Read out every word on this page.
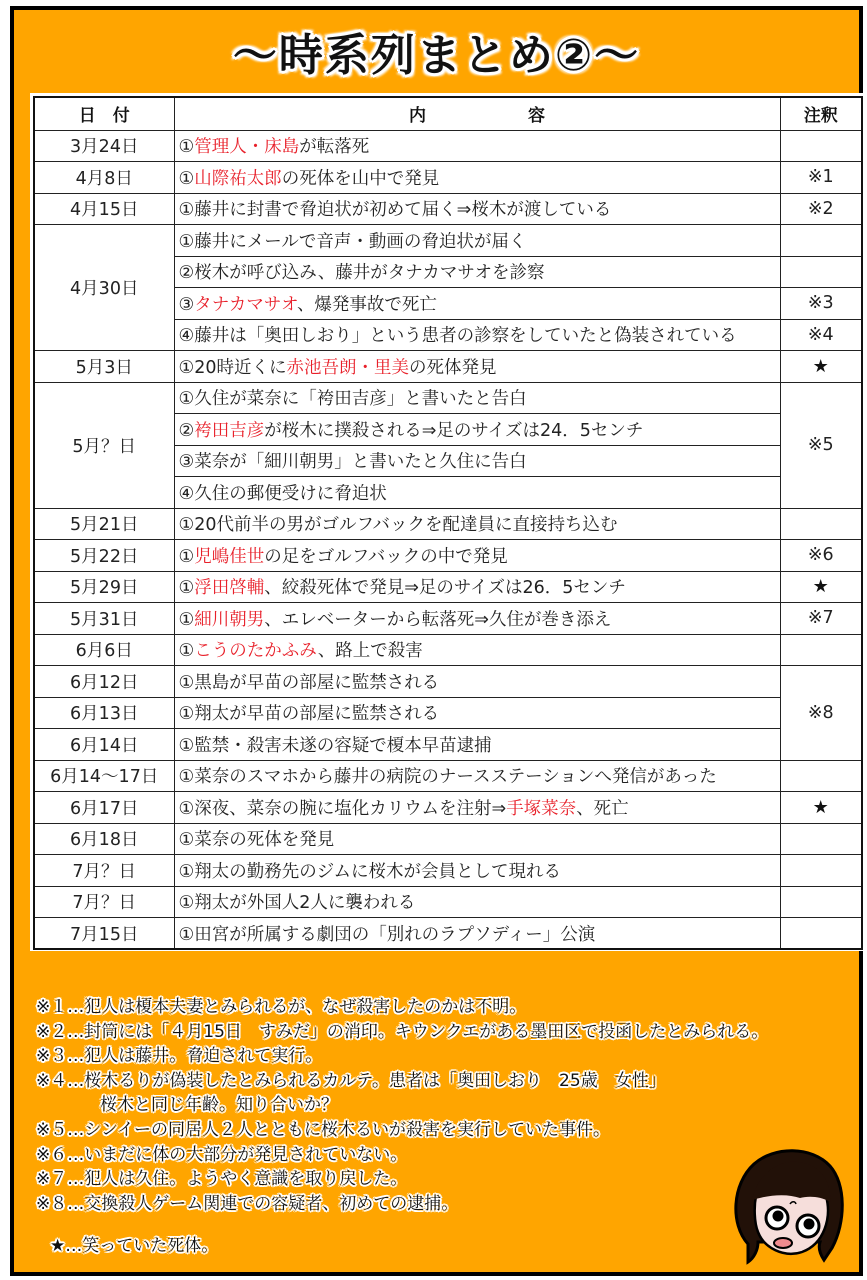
〜時系列まとめ②〜
日　付	内　　　　　　容	注釈
3月24日	①管理人・床島が転落死	
4月8日	①山際祐太郎の死体を山中で発見	※1
4月15日	①藤井に封書で脅迫状が初めて届く⇒桜木が渡している	※2
4月30日	①藤井にメールで音声・動画の脅迫状が届く	
	②桜木が呼び込み、藤井がタナカマサオを診察	
	③タナカマサオ、爆発事故で死亡	※3
	④藤井は「奥田しおり」という患者の診察をしていたと偽装されている	※4
5月3日	①20時近くに赤池吾朗・里美の死体発見	★
5月？日	①久住が菜奈に「袴田吉彦」と書いたと告白	※5
	②袴田吉彦が桜木に撲殺される⇒足のサイズは24．5センチ	
	③菜奈が「細川朝男」と書いたと久住に告白	
	④久住の郵便受けに脅迫状	
5月21日	①20代前半の男がゴルフバックを配達員に直接持ち込む	
5月22日	①児嶋佳世の足をゴルフバックの中で発見	※6
5月29日	①浮田啓輔、絞殺死体で発見⇒足のサイズは26．5センチ	★
5月31日	①細川朝男、エレベーターから転落死⇒久住が巻き添え	※7
6月6日	①こうのたかふみ、路上で殺害	
6月12日	①黒島が早苗の部屋に監禁される	※8
6月13日	①翔太が早苗の部屋に監禁される	
6月14日	①監禁・殺害未遂の容疑で榎本早苗逮捕	
6月14〜17日	①菜奈のスマホから藤井の病院のナースステーションへ発信があった	
6月17日	①深夜、菜奈の腕に塩化カリウムを注射⇒手塚菜奈、死亡	★
6月18日	①菜奈の死体を発見	
7月？日	①翔太の勤務先のジムに桜木が会員として現れる	
7月？日	①翔太が外国人2人に襲われる	
7月15日	①田宮が所属する劇団の「別れのラプソディー」公演	
※１…犯人は榎本夫妻とみられるが、なぜ殺害したのかは不明。
※２…封筒には「４月15日　すみだ」の消印。キウンクエがある墨田区で投函したとみられる。
※３…犯人は藤井。脅迫されて実行。
※４…桜木るりが偽装したとみられるカルテ。患者は「奥田しおり　25歳　女性」
桜木と同じ年齢。知り合いか？
※５…シンイーの同居人２人とともに桜木るいが殺害を実行していた事件。
※６…いまだに体の大部分が発見されていない。
※７…犯人は久住。ようやく意識を取り戻した。
※８…交換殺人ゲーム関連での容疑者、初めての逮捕。
★…笑っていた死体。
